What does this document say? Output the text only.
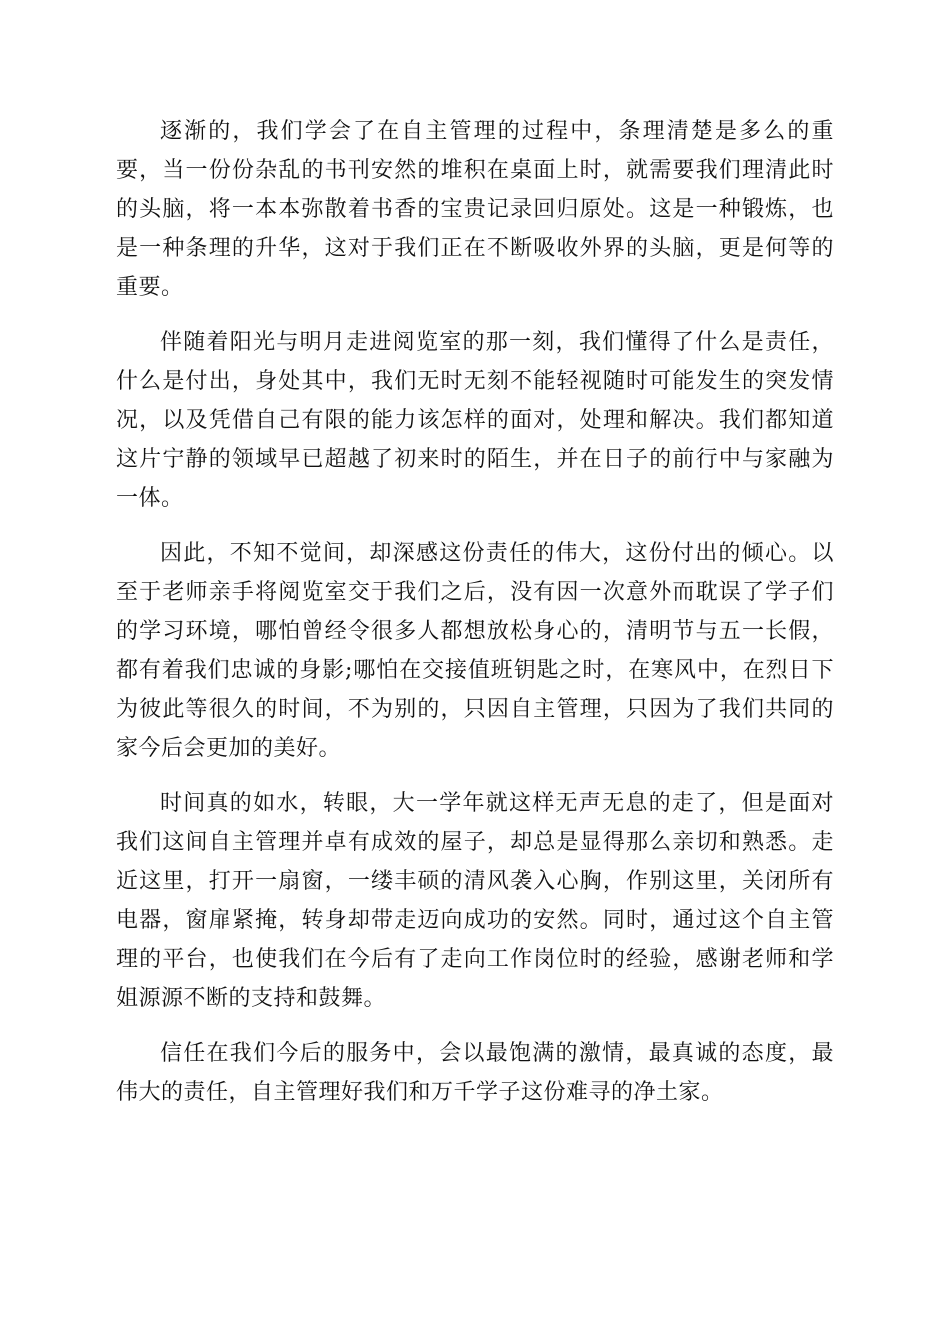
逐渐的，我们学会了在自主管理的过程中，条理清楚是多么的重要，当一份份杂乱的书刊安然的堆积在桌面上时，就需要我们理清此时的头脑，将一本本弥散着书香的宝贵记录回归原处。这是一种锻炼，也是一种条理的升华，这对于我们正在不断吸收外界的头脑，更是何等的重要。

伴随着阳光与明月走进阅览室的那一刻，我们懂得了什么是责任，什么是付出，身处其中，我们无时无刻不能轻视随时可能发生的突发情况，以及凭借自己有限的能力该怎样的面对，处理和解决。我们都知道这片宁静的领域早已超越了初来时的陌生，并在日子的前行中与家融为一体。

因此，不知不觉间，却深感这份责任的伟大，这份付出的倾心。以至于老师亲手将阅览室交于我们之后，没有因一次意外而耽误了学子们的学习环境，哪怕曾经令很多人都想放松身心的，清明节与五一长假，都有着我们忠诚的身影;哪怕在交接值班钥匙之时，在寒风中，在烈日下为彼此等很久的时间，不为别的，只因自主管理，只因为了我们共同的家今后会更加的美好。

时间真的如水，转眼，大一学年就这样无声无息的走了，但是面对我们这间自主管理并卓有成效的屋子，却总是显得那么亲切和熟悉。走近这里，打开一扇窗，一缕丰硕的清风袭入心胸，作别这里，关闭所有电器，窗扉紧掩，转身却带走迈向成功的安然。同时，通过这个自主管理的平台，也使我们在今后有了走向工作岗位时的经验，感谢老师和学姐源源不断的支持和鼓舞。

信任在我们今后的服务中，会以最饱满的激情，最真诚的态度，最伟大的责任，自主管理好我们和万千学子这份难寻的净土家。
